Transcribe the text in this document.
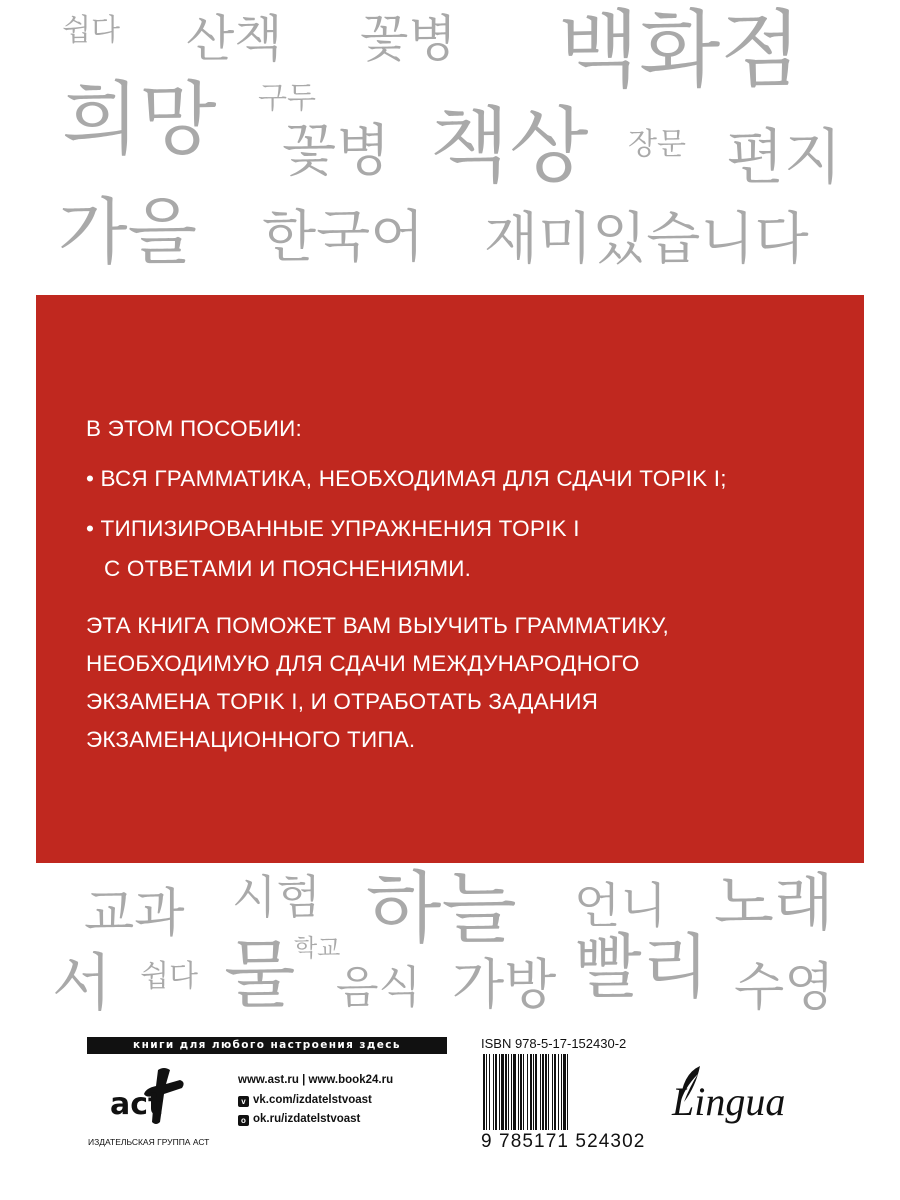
쉽다 산책 꽃병 백화점
희망 구두
꽃병 책상 장문 편지
가을 한국어 재미있습니다
В ЭТОМ ПОСОБИИ:
• ВСЯ ГРАММАТИКА, НЕОБХОДИМАЯ ДЛЯ СДАЧИ TOPIK I;
• ТИПИЗИРОВАННЫЕ УПРАЖНЕНИЯ TOPIK I
С ОТВЕТАМИ И ПОЯСНЕНИЯМИ.
ЭТА КНИГА ПОМОЖЕТ ВАМ ВЫУЧИТЬ ГРАММАТИКУ,
НЕОБХОДИМУЮ ДЛЯ СДАЧИ МЕЖДУНАРОДНОГО
ЭКЗАМЕНА TOPIK I, И ОТРАБОТАТЬ ЗАДАНИЯ
ЭКЗАМЕНАЦИОННОГО ТИПА.
교과 시험 하늘 언니 노래
학교
서 쉽다 물 음식 가방 빨리 수영
книги для любого настроения здесь
act
ИЗДАТЕЛЬСКАЯ ГРУППА АСТ
www.ast.ru | www.book24.ru
v vk.com/izdatelstvoast
o ok.ru/izdatelstvoast
ISBN 978-5-17-152430-2
9 785171 524302
Lingua
